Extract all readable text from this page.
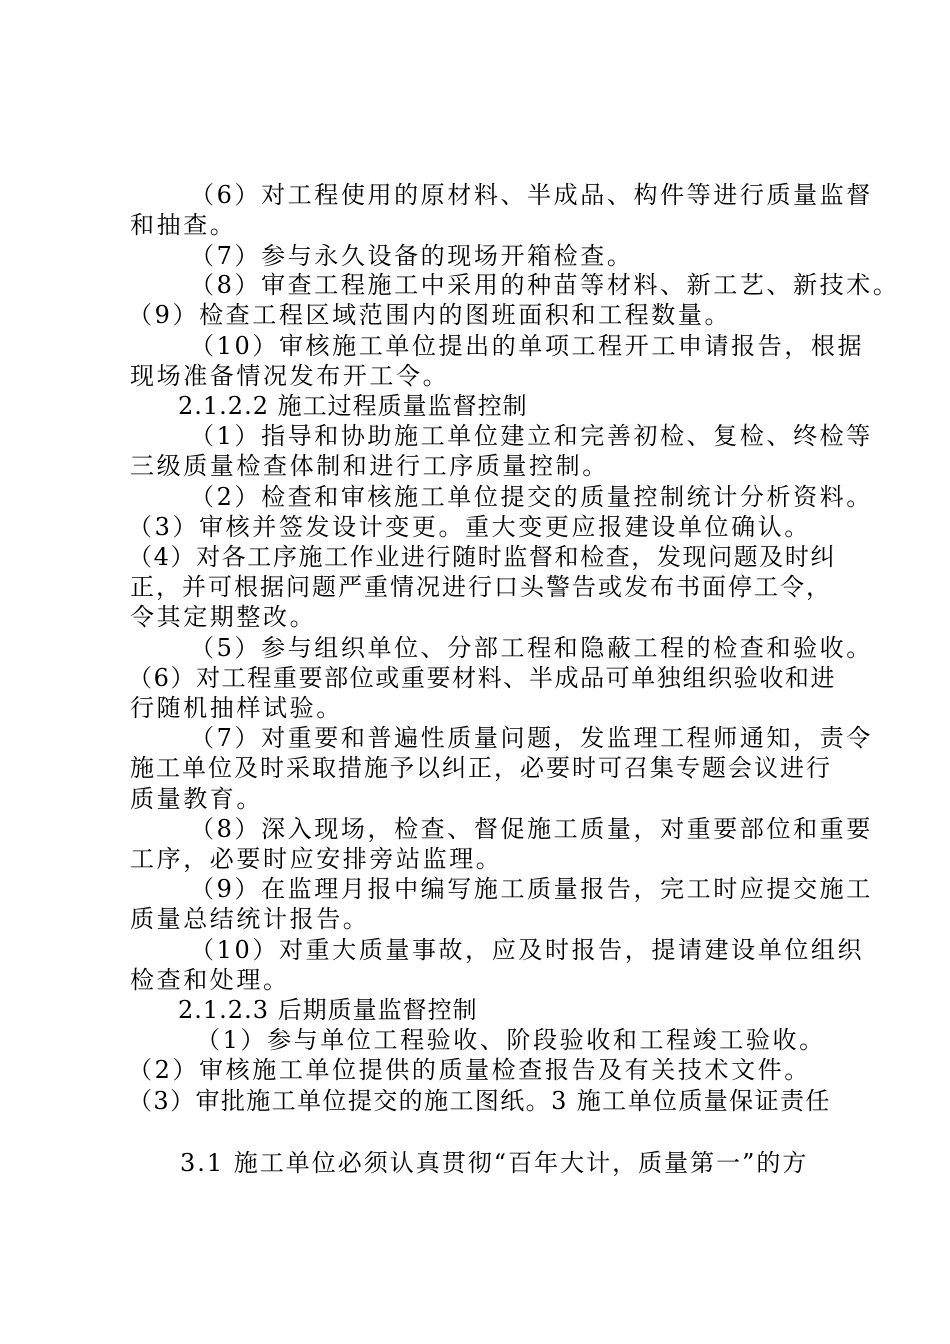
（6）对工程使用的原材料、半成品、构件等进行质量监督

和抽查。

（7）参与永久设备的现场开箱检查。

（8）审查工程施工中采用的种苗等材料、新工艺、新技术。

（9）检查工程区域范围内的图班面积和工程数量。

（10）审核施工单位提出的单项工程开工申请报告，根据

现场准备情况发布开工令。

2.1.2.2 施工过程质量监督控制

（1）指导和协助施工单位建立和完善初检、复检、终检等

三级质量检查体制和进行工序质量控制。

（2）检查和审核施工单位提交的质量控制统计分析资料。

（3）审核并签发设计变更。重大变更应报建设单位确认。

（4）对各工序施工作业进行随时监督和检查，发现问题及时纠

正，并可根据问题严重情况进行口头警告或发布书面停工令，

令其定期整改。

（5）参与组织单位、分部工程和隐蔽工程的检查和验收。

（6）对工程重要部位或重要材料、半成品可单独组织验收和进

行随机抽样试验。

（7）对重要和普遍性质量问题，发监理工程师通知，责令

施工单位及时采取措施予以纠正，必要时可召集专题会议进行

质量教育。

（8）深入现场，检查、督促施工质量，对重要部位和重要

工序，必要时应安排旁站监理。

（9）在监理月报中编写施工质量报告，完工时应提交施工

质量总结统计报告。

（10）对重大质量事故，应及时报告，提请建设单位组织

检查和处理。

2.1.2.3 后期质量监督控制

（1）参与单位工程验收、阶段验收和工程竣工验收。

（2）审核施工单位提供的质量检查报告及有关技术文件。

（3）审批施工单位提交的施工图纸。3 施工单位质量保证责任

3.1 施工单位必须认真贯彻“百年大计，质量第一”的方
